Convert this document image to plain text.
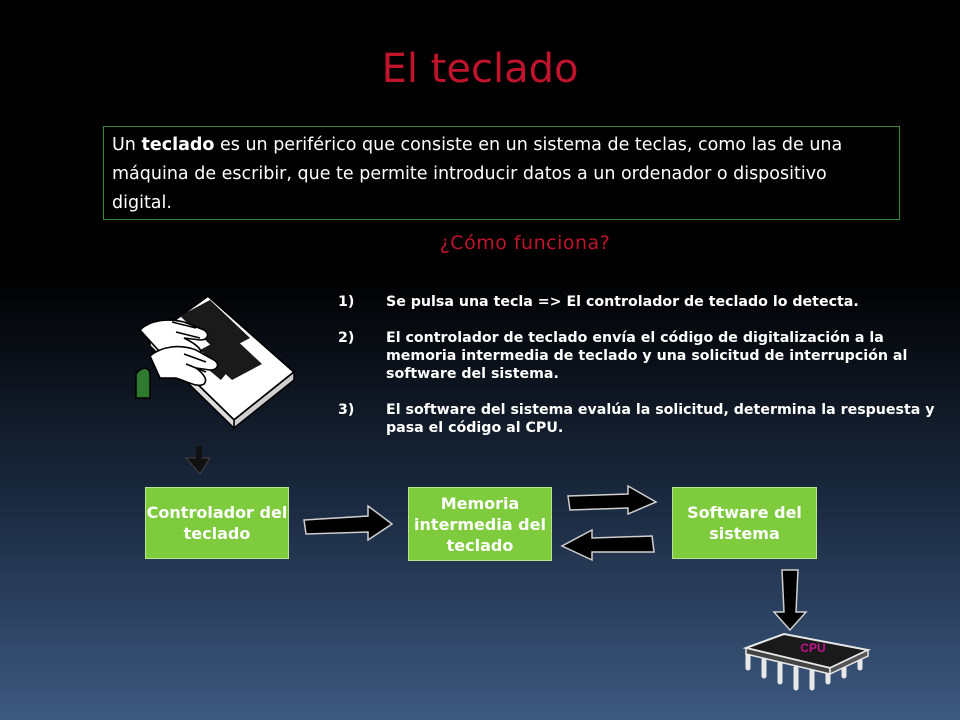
El teclado
Un teclado es un periférico que consiste en un sistema de teclas, como las de una máquina de escribir, que te permite introducir datos a un ordenador o dispositivo digital.
¿Cómo funciona?
1) Se pulsa una tecla => El controlador de teclado lo detecta.
2) El controlador de teclado envía el código de digitalización a la memoria intermedia de teclado y una solicitud de interrupción al software del sistema.
3) El software del sistema evalúa la solicitud, determina la respuesta y pasa el código al CPU.
CPU
Controlador del teclado
Memoria intermedia del teclado
Software del sistema
